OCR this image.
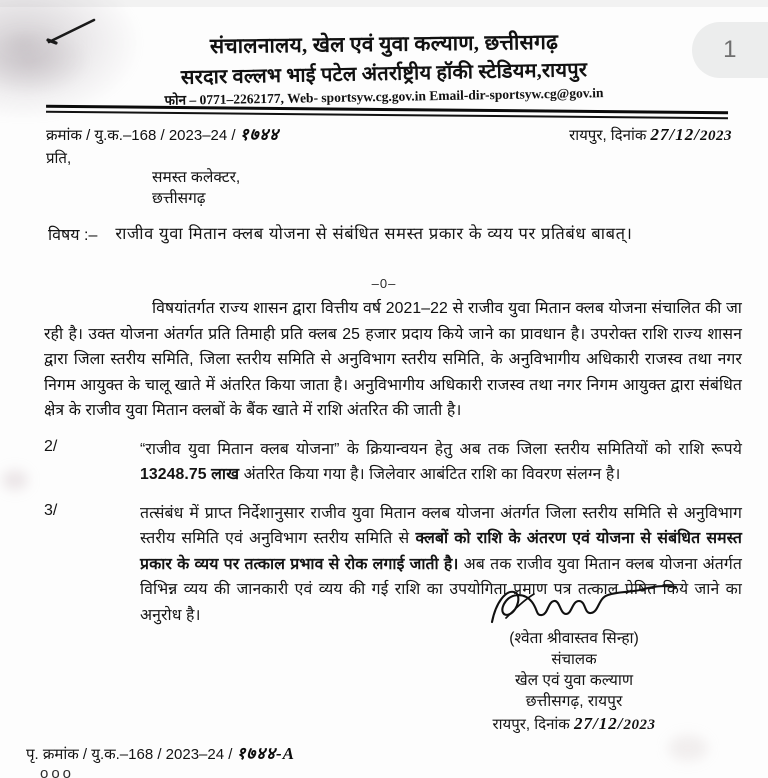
1
संचालनालय, खेल एवं युवा कल्याण, छत्तीसगढ़
सरदार वल्लभ भाई पटेल अंतर्राष्ट्रीय हॉकी स्टेडियम,रायपुर
फोन – 0771–2262177, Web- sportsyw.cg.gov.in Email-dir-sportsyw.cg@gov.in
क्रमांक / यु.क.–168 / 2023–24 / १७४४	रायपुर, दिनांक 27/12/2023
प्रति,
समस्त कलेक्टर,
छत्तीसगढ़
विषय :– राजीव युवा मितान क्लब योजना से संबंधित समस्त प्रकार के व्यय पर प्रतिबंध बाबत्।
–0–
विषयांतर्गत राज्य शासन द्वारा वित्तीय वर्ष 2021–22 से राजीव युवा मितान क्लब योजना संचालित की जा रही है। उक्त योजना अंतर्गत प्रति तिमाही प्रति क्लब 25 हजार प्रदाय किये जाने का प्रावधान है। उपरोक्त राशि राज्य शासन द्वारा जिला स्तरीय समिति, जिला स्तरीय समिति से अनुविभाग स्तरीय समिति, के अनुविभागीय अधिकारी राजस्व तथा नगर निगम आयुक्त के चालू खाते में अंतरित किया जाता है। अनुविभागीय अधिकारी राजस्व तथा नगर निगम आयुक्त द्वारा संबंधित क्षेत्र के राजीव युवा मितान क्लबों के बैंक खाते में राशि अंतरित की जाती है।
2/	“राजीव युवा मितान क्लब योजना” के क्रियान्वयन हेतु अब तक जिला स्तरीय समितियों को राशि रूपये 13248.75 लाख अंतरित किया गया है। जिलेवार आबंटित राशि का विवरण संलग्न है।
3/	तत्संबंध में प्राप्त निर्देशानुसार राजीव युवा मितान क्लब योजना अंतर्गत जिला स्तरीय समिति से अनुविभाग स्तरीय समिति एवं अनुविभाग स्तरीय समिति से क्लबों को राशि के अंतरण एवं योजना से संबंधित समस्त प्रकार के व्यय पर तत्काल प्रभाव से रोक लगाई जाती है। अब तक राजीव युवा मितान क्लब योजना अंतर्गत विभिन्न व्यय की जानकारी एवं व्यय की गई राशि का उपयोगिता प्रमाण पत्र तत्काल प्रेषित किये जाने का अनुरोध है।
(श्वेता श्रीवास्तव सिन्हा)
संचालक
खेल एवं युवा कल्याण
छत्तीसगढ़, रायपुर
रायपुर, दिनांक 27/12/2023
पृ. क्रमांक / यु.क.–168 / 2023–24 / १७४४-A
ooo
